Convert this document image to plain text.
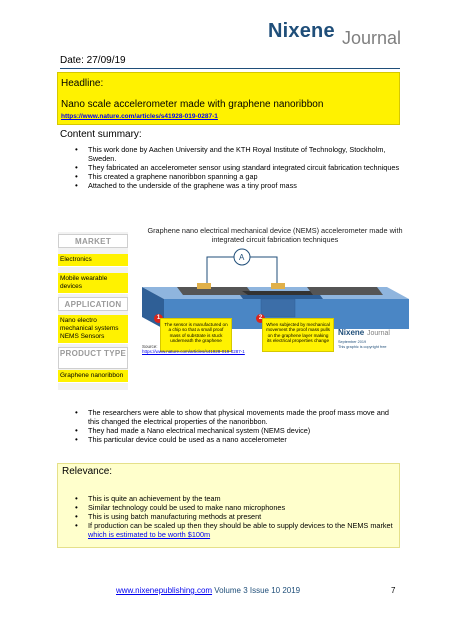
Nixene Journal
Date: 27/09/19
Headline:
Nano scale accelerometer made with graphene nanoribbon
https://www.nature.com/articles/s41928-019-0287-1
Content summary:
• This work done by Aachen University and the KTH Royal Institute of Technology, Stockholm, Sweden.
• They fabricated an accelerometer sensor using standard integrated circuit fabrication techniques
• This created a graphene nanoribbon spanning a gap
• Attached to the underside of the graphene was a tiny proof mass
Graphene nano electrical mechanical device (NEMS) accelerometer made with integrated circuit fabrication techniques
MARKET
Electronics
Mobile wearable devices
APPLICATION
Nano electro mechanical systems NEMS Sensors
PRODUCT TYPE
Graphene nanoribbon
A
1
The sensor is manufactured on a chip so that a small proof mass of substrate is stuck underneath the graphene
2
When subjected by mechanical movement the proof mass pulls on the graphene layer making its electrical properties change
Source:
https://www.nature.com/articles/s41928-019-0287-1
Nixene Journal
September 2019
This graphic is copyright free
• The researchers were able to show that physical movements made the proof mass move and this changed the electrical properties of the nanoribbon.
• They had made a Nano electrical mechanical system (NEMS device)
• This particular device could be used as a nano accelerometer
Relevance:
• This is quite an achievement by the team
• Similar technology could be used to make nano microphones
• This is using batch manufacturing methods at present
• If production can be scaled up then they should be able to supply devices to the NEMS market which is estimated to be worth $100m
www.nixenepublishing.com Volume 3 Issue 10 2019	7
